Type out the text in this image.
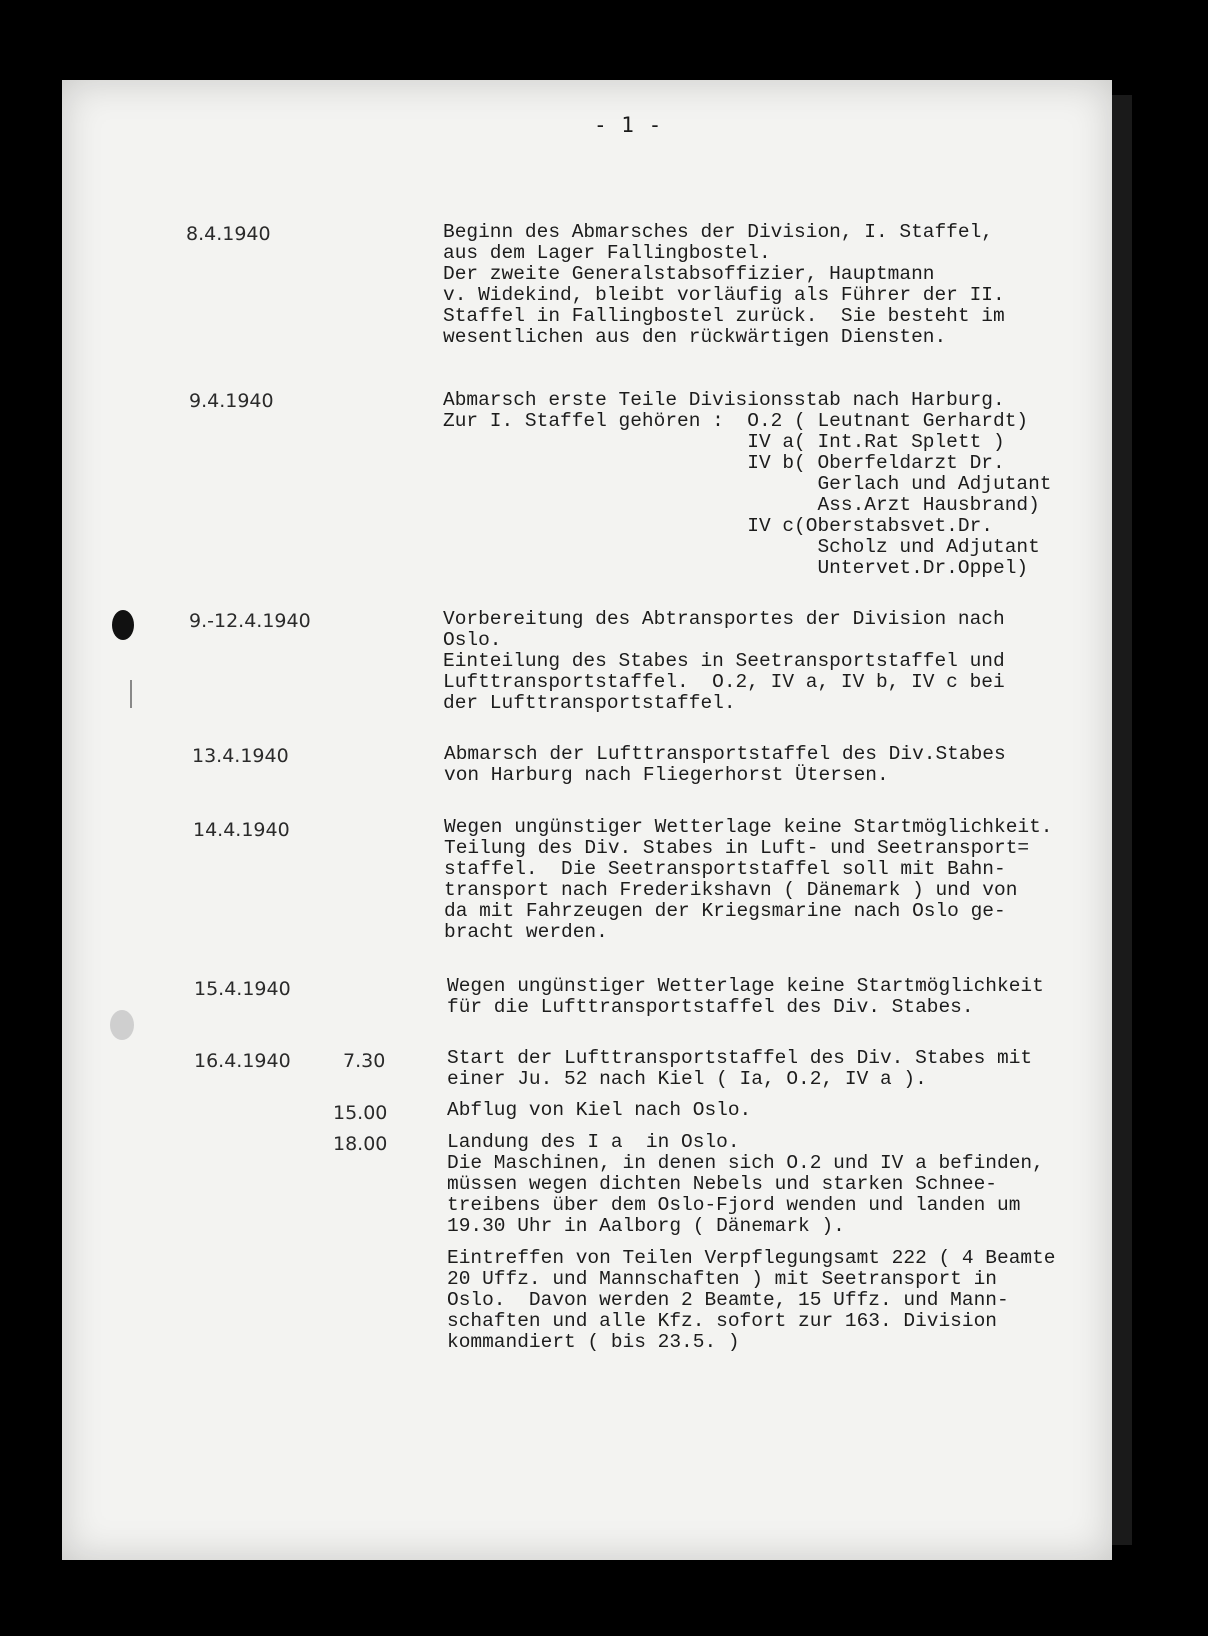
- 1 -
8.4.1940	Beginn des Abmarsches der Division, I. Staffel,
aus dem Lager Fallingbostel.
Der zweite Generalstabsoffizier, Hauptmann
v. Widekind, bleibt vorläufig als Führer der II.
Staffel in Fallingbostel zurück.  Sie besteht im
wesentlichen aus den rückwärtigen Diensten.
9.4.1940	Abmarsch erste Teile Divisionsstab nach Harburg.
Zur I. Staffel gehören :  O.2 ( Leutnant Gerhardt)
IV a( Int.Rat Splett )
IV b( Oberfeldarzt Dr.
Gerlach und Adjutant
Ass.Arzt Hausbrand)
IV c(Oberstabsvet.Dr.
Scholz und Adjutant
Untervet.Dr.Oppel)
9.-12.4.1940	Vorbereitung des Abtransportes der Division nach
Oslo.
Einteilung des Stabes in Seetransportstaffel und
Lufttransportstaffel.  O.2, IV a, IV b, IV c bei
der Lufttransportstaffel.
13.4.1940	Abmarsch der Lufttransportstaffel des Div.Stabes
von Harburg nach Fliegerhorst Ütersen.
14.4.1940	Wegen ungünstiger Wetterlage keine Startmöglichkeit.
Teilung des Div. Stabes in Luft- und Seetransport=
staffel.  Die Seetransportstaffel soll mit Bahn-
transport nach Frederikshavn ( Dänemark ) und von
da mit Fahrzeugen der Kriegsmarine nach Oslo ge-
bracht werden.
15.4.1940	Wegen ungünstiger Wetterlage keine Startmöglichkeit
für die Lufttransportstaffel des Div. Stabes.
16.4.1940	7.30	Start der Lufttransportstaffel des Div. Stabes mit
einer Ju. 52 nach Kiel ( Ia, O.2, IV a ).
15.00	Abflug von Kiel nach Oslo.
18.00	Landung des I a  in Oslo.
Die Maschinen, in denen sich O.2 und IV a befinden,
müssen wegen dichten Nebels und starken Schnee-
treibens über dem Oslo-Fjord wenden und landen um
19.30 Uhr in Aalborg ( Dänemark ).
Eintreffen von Teilen Verpflegungsamt 222 ( 4 Beamte
20 Uffz. und Mannschaften ) mit Seetransport in
Oslo.  Davon werden 2 Beamte, 15 Uffz. und Mann-
schaften und alle Kfz. sofort zur 163. Division
kommandiert ( bis 23.5. )
